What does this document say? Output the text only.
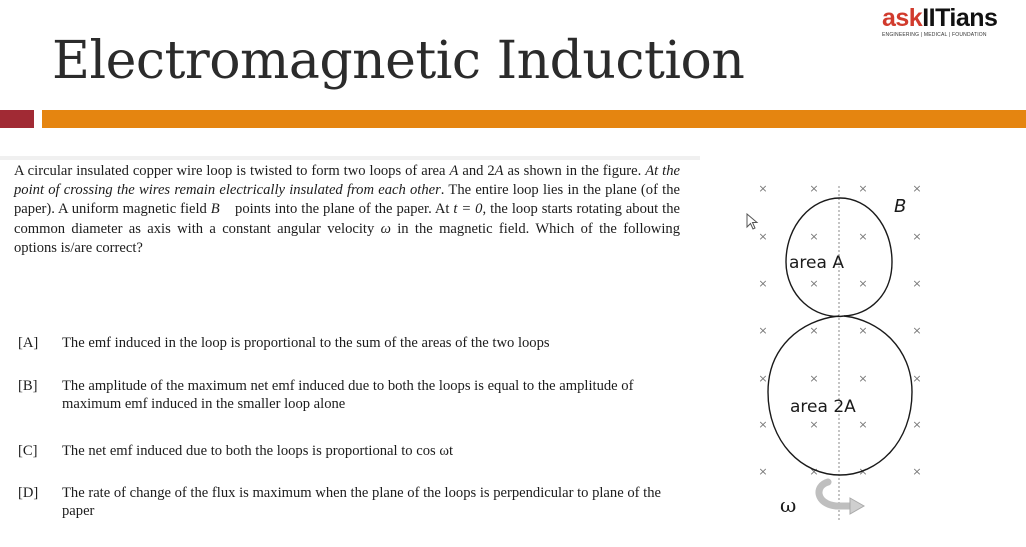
askIITians
ENGINEERING | MEDICAL | FOUNDATION
Electromagnetic Induction
A circular insulated copper wire loop is twisted to form two loops of area A and 2A as shown in the figure. At the point of crossing the wires remain electrically insulated from each other. The entire loop lies in the plane (of the paper). A uniform magnetic field B⃗ points into the plane of the paper. At t = 0, the loop starts rotating about the common diameter as axis with a constant angular velocity ω in the magnetic field. Which of the following options is/are correct?
[A]	The emf induced in the loop is proportional to the sum of the areas of the two loops
[B]	The amplitude of the maximum net emf induced due to both the loops is equal to the amplitude of maximum emf induced in the smaller loop alone
[C]	The net emf induced due to both the loops is proportional to cos ωt
[D]	The rate of change of the flux is maximum when the plane of the loops is perpendicular to plane of the paper
×	×	×	×
×	×	×	×
×	×	×	×
×	×	×	×
×	×	×	×
×	×	×	×
×	×	×	×
B
area A
area 2A
ω
